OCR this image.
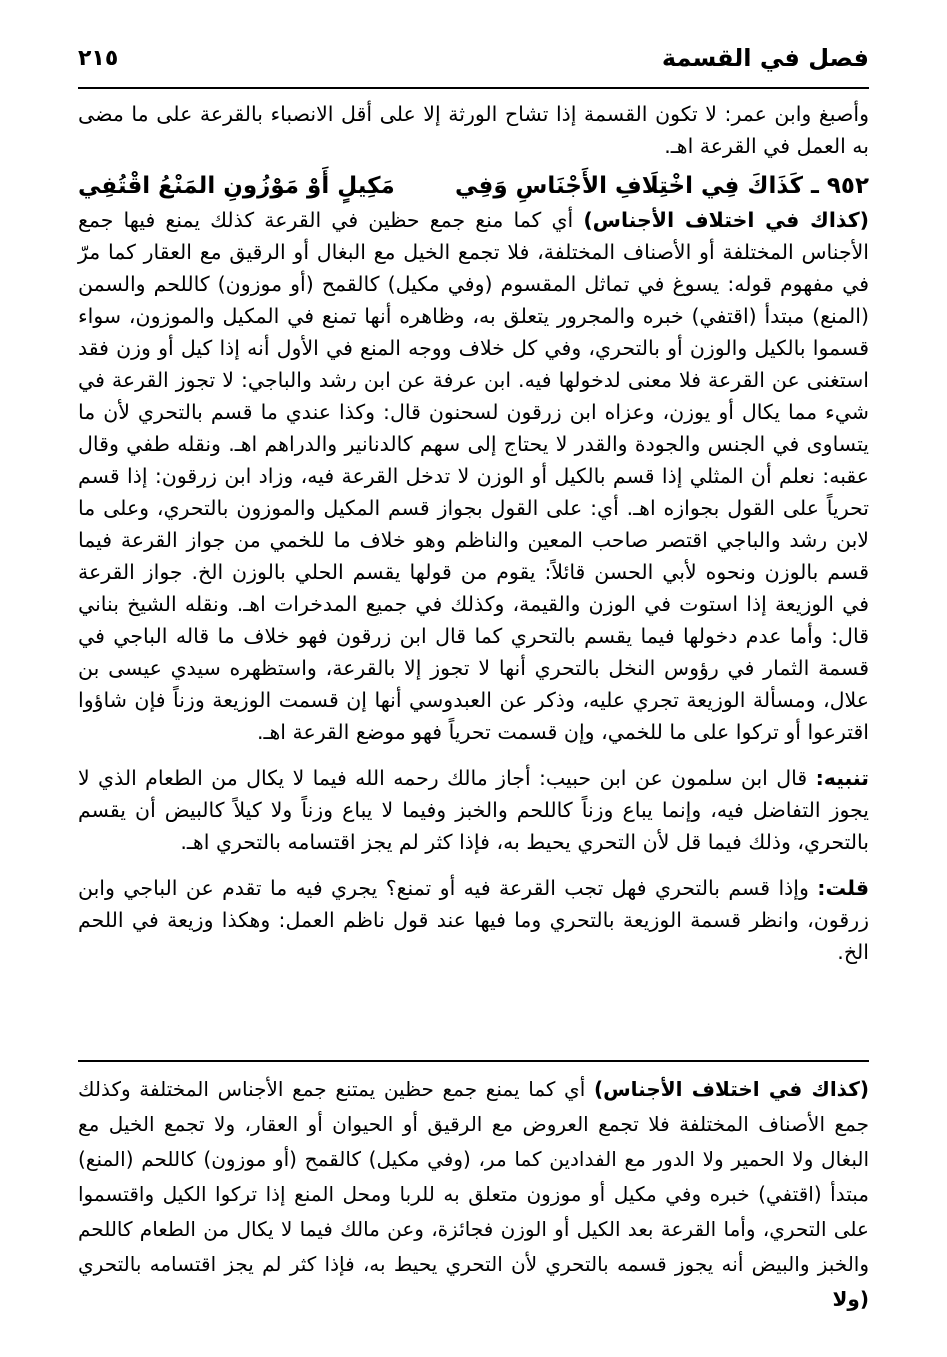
فصل في القسمة
٢١٥

وأصبغ وابن عمر: لا تكون القسمة إذا تشاح الورثة إلا على أقل الانصباء بالقرعة على ما مضى به العمل في القرعة اهـ.

٩٥٢ ـ كَذَاكَ فِي اخْتِلَافِ الأَجْنَاسِ وَفِي
مَكِيلٍ أَوْ مَوْزُونِ المَنْعُ اقْتُفِي

(كذاك في اختلاف الأجناس) أي كما منع جمع حظين في القرعة كذلك يمنع فيها جمع الأجناس المختلفة أو الأصناف المختلفة، فلا تجمع الخيل مع البغال أو الرقيق مع العقار كما مرّ في مفهوم قوله: يسوغ في تماثل المقسوم (وفي مكيل) كالقمح (أو موزون) كاللحم والسمن (المنع) مبتدأ (اقتفي) خبره والمجرور يتعلق به، وظاهره أنها تمنع في المكيل والموزون، سواء قسموا بالكيل والوزن أو بالتحري، وفي كل خلاف ووجه المنع في الأول أنه إذا كيل أو وزن فقد استغنى عن القرعة فلا معنى لدخولها فيه. ابن عرفة عن ابن رشد والباجي: لا تجوز القرعة في شيء مما يكال أو يوزن، وعزاه ابن زرقون لسحنون قال: وكذا عندي ما قسم بالتحري لأن ما يتساوى في الجنس والجودة والقدر لا يحتاج إلى سهم كالدنانير والدراهم اهـ. ونقله طفي وقال عقبه: نعلم أن المثلي إذا قسم بالكيل أو الوزن لا تدخل القرعة فيه، وزاد ابن زرقون: إذا قسم تحرياً على القول بجوازه اهـ. أي: على القول بجواز قسم المكيل والموزون بالتحري، وعلى ما لابن رشد والباجي اقتصر صاحب المعين والناظم وهو خلاف ما للخمي من جواز القرعة فيما قسم بالوزن ونحوه لأبي الحسن قائلاً: يقوم من قولها يقسم الحلي بالوزن الخ. جواز القرعة في الوزيعة إذا استوت في الوزن والقيمة، وكذلك في جميع المدخرات اهـ. ونقله الشيخ بناني قال: وأما عدم دخولها فيما يقسم بالتحري كما قال ابن زرقون فهو خلاف ما قاله الباجي في قسمة الثمار في رؤوس النخل بالتحري أنها لا تجوز إلا بالقرعة، واستظهره سيدي عيسى بن علال، ومسألة الوزيعة تجري عليه، وذكر عن العبدوسي أنها إن قسمت الوزيعة وزناً فإن شاؤوا اقترعوا أو تركوا على ما للخمي، وإن قسمت تحرياً فهو موضع القرعة اهـ.

تنبيه: قال ابن سلمون عن ابن حبيب: أجاز مالك رحمه الله فيما لا يكال من الطعام الذي لا يجوز التفاضل فيه، وإنما يباع وزناً كاللحم والخبز وفيما لا يباع وزناً ولا كيلاً كالبيض أن يقسم بالتحري، وذلك فيما قل لأن التحري يحيط به، فإذا كثر لم يجز اقتسامه بالتحري اهـ.

قلت: وإذا قسم بالتحري فهل تجب القرعة فيه أو تمنع؟ يجري فيه ما تقدم عن الباجي وابن زرقون، وانظر قسمة الوزيعة بالتحري وما فيها عند قول ناظم العمل: وهكذا وزيعة في اللحم الخ.

(كذاك في اختلاف الأجناس) أي كما يمنع جمع حظين يمتنع جمع الأجناس المختلفة وكذلك جمع الأصناف المختلفة فلا تجمع العروض مع الرقيق أو الحيوان أو العقار، ولا تجمع الخيل مع البغال ولا الحمير ولا الدور مع الفدادين كما مر، (وفي مكيل) كالقمح (أو موزون) كاللحم (المنع) مبتدأ (اقتفي) خبره وفي مكيل أو موزون متعلق به للربا ومحل المنع إذا تركوا الكيل واقتسموا على التحري، وأما القرعة بعد الكيل أو الوزن فجائزة، وعن مالك فيما لا يكال من الطعام كاللحم والخبز والبيض أنه يجوز قسمه بالتحري لأن التحري يحيط به، فإذا كثر لم يجز اقتسامه بالتحري (ولا
